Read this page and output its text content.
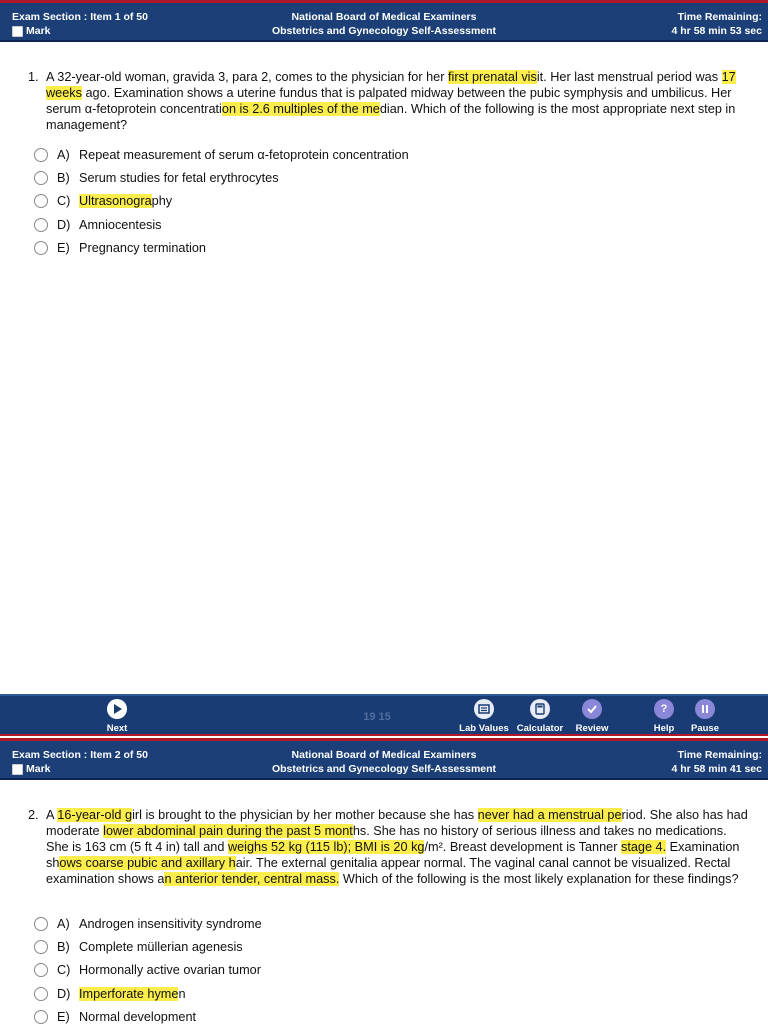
Exam Section : Item 1 of 50
Mark
National Board of Medical Examiners
Obstetrics and Gynecology Self-Assessment
Time Remaining:
4 hr 58 min 53 sec
1. A 32-year-old woman, gravida 3, para 2, comes to the physician for her first prenatal visit. Her last menstrual period was 17 weeks ago. Examination shows a uterine fundus that is palpated midway between the pubic symphysis and umbilicus. Her serum α-fetoprotein concentration is 2.6 multiples of the median. Which of the following is the most appropriate next step in management?
A) Repeat measurement of serum α-fetoprotein concentration
B) Serum studies for fetal erythrocytes
C) Ultrasonography
D) Amniocentesis
E) Pregnancy termination
Next
19 15
Lab Values Calculator	Review
?
Help	Pause
Exam Section : Item 2 of 50
Mark
National Board of Medical Examiners
Obstetrics and Gynecology Self-Assessment
Time Remaining:
4 hr 58 min 41 sec
2. A 16-year-old girl is brought to the physician by her mother because she has never had a menstrual period. She also has had moderate lower abdominal pain during the past 5 months. She has no history of serious illness and takes no medications. She is 163 cm (5 ft 4 in) tall and weighs 52 kg (115 lb); BMI is 20 kg/m². Breast development is Tanner stage 4. Examination shows coarse pubic and axillary hair. The external genitalia appear normal. The vaginal canal cannot be visualized. Rectal examination shows an anterior tender, central mass. Which of the following is the most likely explanation for these findings?
A) Androgen insensitivity syndrome
B) Complete müllerian agenesis
C) Hormonally active ovarian tumor
D) Imperforate hymen
E) Normal development
